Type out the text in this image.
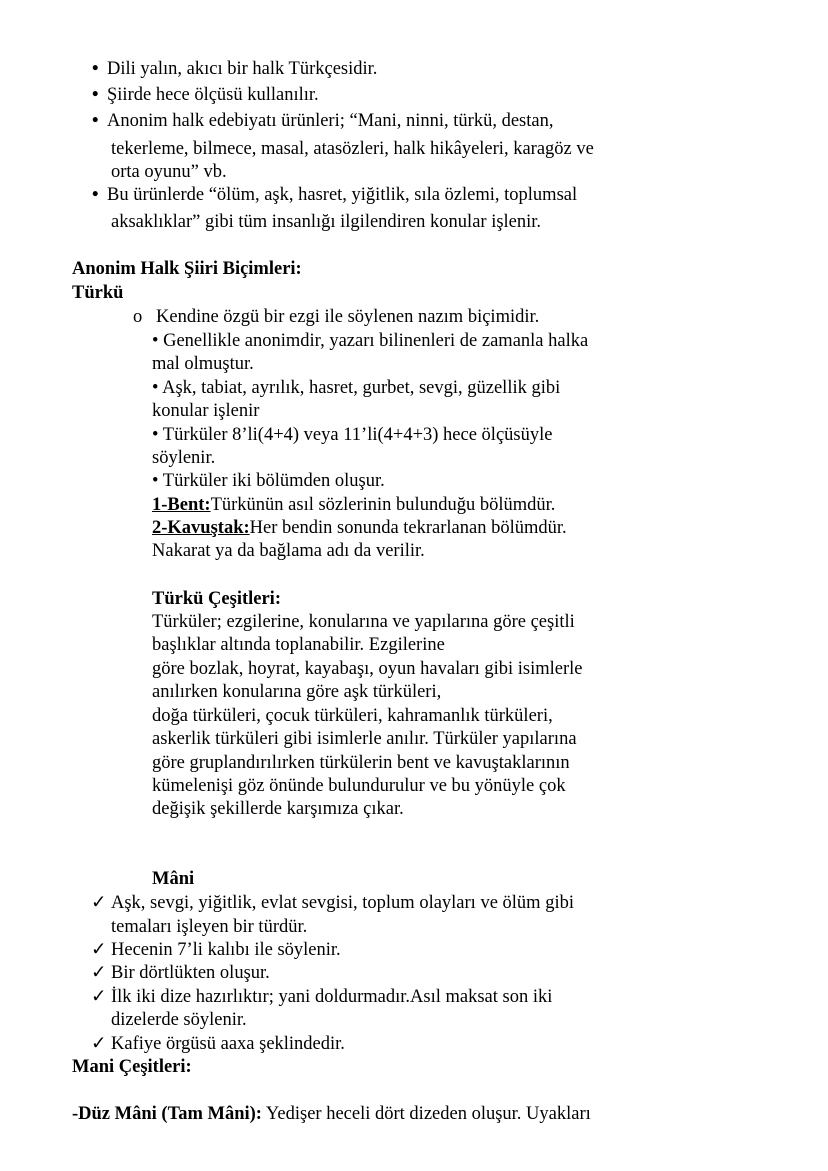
• Dili yalın, akıcı bir halk Türkçesidir.
• Şiirde hece ölçüsü kullanılır.
• Anonim halk edebiyatı ürünleri; “Mani, ninni, türkü, destan,
tekerleme, bilmece, masal, atasözleri, halk hikâyeleri, karagöz ve
orta oyunu” vb.
• Bu ürünlerde “ölüm, aşk, hasret, yiğitlik, sıla özlemi, toplumsal
aksaklıklar” gibi tüm insanlığı ilgilendiren konular işlenir.
Anonim Halk Şiiri Biçimleri:
Türkü
o Kendine özgü bir ezgi ile söylenen nazım biçimidir.
• Genellikle anonimdir, yazarı bilinenleri de zamanla halka
mal olmuştur.
• Aşk, tabiat, ayrılık, hasret, gurbet, sevgi, güzellik gibi
konular işlenir
• Türküler 8’li(4+4) veya 11’li(4+4+3) hece ölçüsüyle
söylenir.
• Türküler iki bölümden oluşur.
1-Bent:Türkünün asıl sözlerinin bulunduğu bölümdür.
2-Kavuştak:Her bendin sonunda tekrarlanan bölümdür.
Nakarat ya da bağlama adı da verilir.
Türkü Çeşitleri:
Türküler; ezgilerine, konularına ve yapılarına göre çeşitli
başlıklar altında toplanabilir. Ezgilerine
göre bozlak, hoyrat, kayabaşı, oyun havaları gibi isimlerle
anılırken konularına göre aşk türküleri,
doğa türküleri, çocuk türküleri, kahramanlık türküleri,
askerlik türküleri gibi isimlerle anılır. Türküler yapılarına
göre gruplandırılırken türkülerin bent ve kavuştaklarının
kümelenişi göz önünde bulundurulur ve bu yönüyle çok
değişik şekillerde karşımıza çıkar.
Mâni
✓ Aşk, sevgi, yiğitlik, evlat sevgisi, toplum olayları ve ölüm gibi
temaları işleyen bir türdür.
✓ Hecenin 7’li kalıbı ile söylenir.
✓ Bir dörtlükten oluşur.
✓ İlk iki dize hazırlıktır; yani doldurmadır.Asıl maksat son iki
dizelerde söylenir.
✓ Kafiye örgüsü aaxa şeklindedir.
Mani Çeşitleri:
-Düz Mâni (Tam Mâni): Yedişer heceli dört dizeden oluşur. Uyakları
